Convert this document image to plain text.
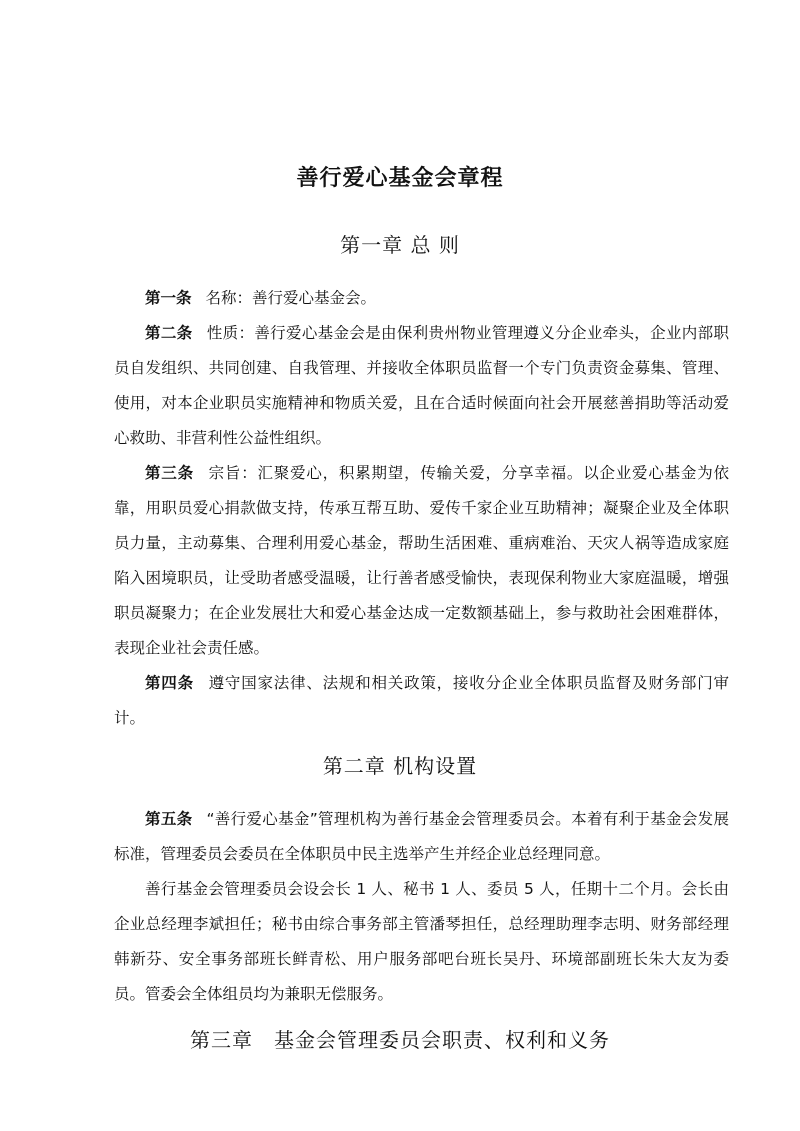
善行爱心基金会章程
第一章 总 则
第一条 名称：善行爱心基金会。
第二条 性质：善行爱心基金会是由保利贵州物业管理遵义分企业牵头，企业内部职员自发组织、共同创建、自我管理、并接收全体职员监督一个专门负责资金募集、管理、使用，对本企业职员实施精神和物质关爱，且在合适时候面向社会开展慈善捐助等活动爱心救助、非营利性公益性组织。
第三条 宗旨：汇聚爱心，积累期望，传输关爱，分享幸福。以企业爱心基金为依靠，用职员爱心捐款做支持，传承互帮互助、爱传千家企业互助精神；凝聚企业及全体职员力量，主动募集、合理利用爱心基金，帮助生活困难、重病难治、天灾人祸等造成家庭陷入困境职员，让受助者感受温暖，让行善者感受愉快，表现保利物业大家庭温暖，增强职员凝聚力；在企业发展壮大和爱心基金达成一定数额基础上，参与救助社会困难群体，表现企业社会责任感。
第四条 遵守国家法律、法规和相关政策，接收分企业全体职员监督及财务部门审计。
第二章 机构设置
第五条 “善行爱心基金”管理机构为善行基金会管理委员会。本着有利于基金会发展标准，管理委员会委员在全体职员中民主选举产生并经企业总经理同意。
善行基金会管理委员会设会长 1 人、秘书 1 人、委员 5 人，任期十二个月。会长由企业总经理李斌担任；秘书由综合事务部主管潘琴担任，总经理助理李志明、财务部经理韩新芬、安全事务部班长鲜青松、用户服务部吧台班长吴丹、环境部副班长朱大友为委员。管委会全体组员均为兼职无偿服务。
第三章　基金会管理委员会职责、权利和义务
